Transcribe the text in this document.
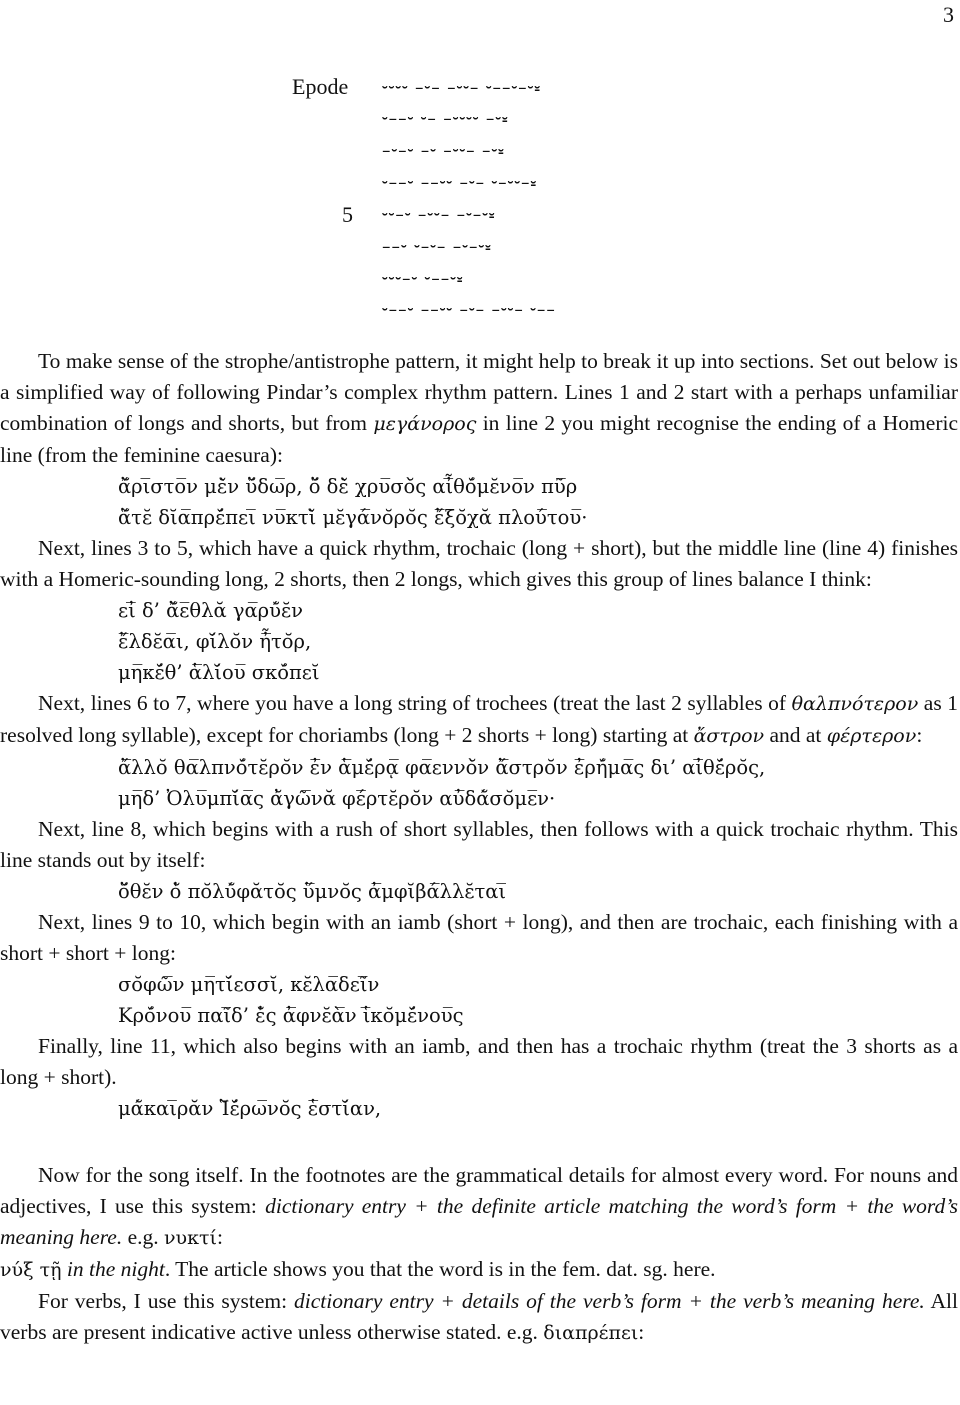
3
Epode
5
⏑⏑⏑⏑ –⏑– –⏑⏑– ⏑––⏑–⏑⏓
⏑––⏑ ⏑– –⏑⏑⏑⏑ –⏑⏓
–⏑–⏑ –⏑ –⏑⏑– –⏑⏓
⏑––⏑ ––⏑⏑ –⏑– ⏑–⏑⏑–⏓
⏑⏑–⏑ –⏑⏑– –⏑–⏑⏓
––⏑ ⏑–⏑– –⏑–⏑⏓
⏑⏑⏑–⏑ ⏑––⏑⏓
⏑––⏑ ––⏑⏑ –⏑– –⏑⏑– ⏑––

To make sense of the strophe/antistrophe pattern, it might help to break it up into sections. Set out below is a simplified way of following Pindar’s complex rhythm pattern. Lines 1 and 2 start with a perhaps unfamiliar combination of longs and shorts, but from μεγάνορος in line 2 you might recognise the ending of a Homeric line (from the feminine caesura):

ἄ̆ρι̅στο̅ν μὲ̆ν ὕ̆δω̅ρ, ὅ̆ δὲ̆ χρυ̅σὸ̆ς αἶ̅θό̆με̆νο̅ν πῦ̅ρ
ἅ̆τε̆ δῐα̅πρέ̆πει̅ νυ̅κτὶ̆ με̆γά̅νο̆ρο̆ς ἔ̅ξο̆χᾰ πλού̅του̅·

Next, lines 3 to 5, which have a quick rhythm, trochaic (long + short), but the middle line (line 4) finishes with a Homeric-sounding long, 2 shorts, then 2 longs, which gives this group of lines balance I think:

εἰ̅ δ’ ἄ̆ε̅θλᾰ γα̅ρύ̆ε̆ν
ἔ̅λδε̆α̅ι, φί̆λο̆ν ἦ̅το̆ρ,
μη̅κέ̆θ’ ἁ̅λί̆ου̅ σκό̆πεῐ

Next, lines 6 to 7, where you have a long string of trochees (treat the last 2 syllables of θαλπνότερον as 1 resolved long syllable), except for choriambs (long + 2 shorts + long) starting at ἄστρον and at φέρτερον:

ἄ̅λλο̆ θα̅λπνό̆τε̆ρο̆ν ἐ̅ν ἁ̅μέ̆ρᾳ̅ φα̅εννὸ̆ν ἄ̅στρο̆ν ἐ̅ρή̆μα̅ς δι’ αἰ̅θέ̆ρο̆ς,
μη̅δ’ Ὀλυ̅μπί̆α̅ς ἀ̆γῶ̅νᾰ φέ̅ρτε̆ρο̆ν αὐ̅δά̆σο̆με̅ν·

Next, line 8, which begins with a rush of short syllables, then follows with a quick trochaic rhythm. This line stands out by itself:

ὅ̆θε̆ν ὁ̆ πο̆λύ̆φᾰτο̆ς ὕ̅μνο̆ς ἀ̅μφῐβά̅λλε̆ται̅

Next, lines 9 to 10, which begin with an iamb (short + long), and then are trochaic, each finishing with a short + short + long:

σο̆φῶ̅ν μη̅τί̆εσσῐ, κε̆λα̅δεῖ̅ν
Κρό̆νου̅ παῖ̅δ’ ἐ̆ς ἀ̅φνε̆ὰ̅ν ἱ̅κο̆μέ̆νου̅ς

Finally, line 11, which also begins with an iamb, and then has a trochaic rhythm (treat the 3 shorts as a long + short).

μά̆και̅ρᾰν Ἱ̆έ̆ρω̅νο̆ς ἑ̅στί̆αν,

Now for the song itself. In the footnotes are the grammatical details for almost every word. For nouns and adjectives, I use this system: dictionary entry + the definite article matching the word’s form + the word’s meaning here. e.g. νυκτί:

νύξ τῇ in the night. The article shows you that the word is in the fem. dat. sg. here.

For verbs, I use this system: dictionary entry + details of the verb’s form + the verb’s meaning here. All verbs are present indicative active unless otherwise stated. e.g. διαπρέπει:
